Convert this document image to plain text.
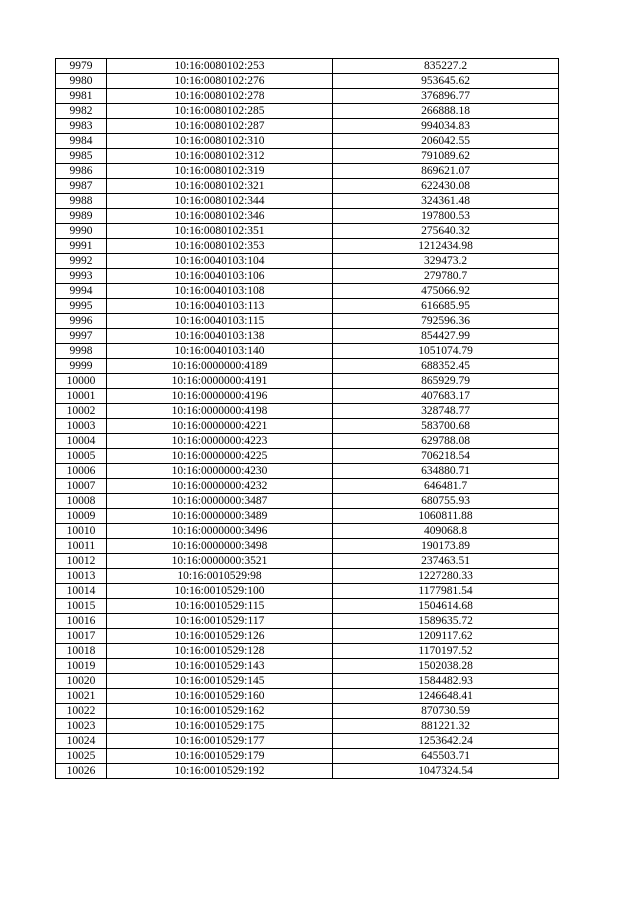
9979	10:16:0080102:253	835227.2
9980	10:16:0080102:276	953645.62
9981	10:16:0080102:278	376896.77
9982	10:16:0080102:285	266888.18
9983	10:16:0080102:287	994034.83
9984	10:16:0080102:310	206042.55
9985	10:16:0080102:312	791089.62
9986	10:16:0080102:319	869621.07
9987	10:16:0080102:321	622430.08
9988	10:16:0080102:344	324361.48
9989	10:16:0080102:346	197800.53
9990	10:16:0080102:351	275640.32
9991	10:16:0080102:353	1212434.98
9992	10:16:0040103:104	329473.2
9993	10:16:0040103:106	279780.7
9994	10:16:0040103:108	475066.92
9995	10:16:0040103:113	616685.95
9996	10:16:0040103:115	792596.36
9997	10:16:0040103:138	854427.99
9998	10:16:0040103:140	1051074.79
9999	10:16:0000000:4189	688352.45
10000	10:16:0000000:4191	865929.79
10001	10:16:0000000:4196	407683.17
10002	10:16:0000000:4198	328748.77
10003	10:16:0000000:4221	583700.68
10004	10:16:0000000:4223	629788.08
10005	10:16:0000000:4225	706218.54
10006	10:16:0000000:4230	634880.71
10007	10:16:0000000:4232	646481.7
10008	10:16:0000000:3487	680755.93
10009	10:16:0000000:3489	1060811.88
10010	10:16:0000000:3496	409068.8
10011	10:16:0000000:3498	190173.89
10012	10:16:0000000:3521	237463.51
10013	10:16:0010529:98	1227280.33
10014	10:16:0010529:100	1177981.54
10015	10:16:0010529:115	1504614.68
10016	10:16:0010529:117	1589635.72
10017	10:16:0010529:126	1209117.62
10018	10:16:0010529:128	1170197.52
10019	10:16:0010529:143	1502038.28
10020	10:16:0010529:145	1584482.93
10021	10:16:0010529:160	1246648.41
10022	10:16:0010529:162	870730.59
10023	10:16:0010529:175	881221.32
10024	10:16:0010529:177	1253642.24
10025	10:16:0010529:179	645503.71
10026	10:16:0010529:192	1047324.54
